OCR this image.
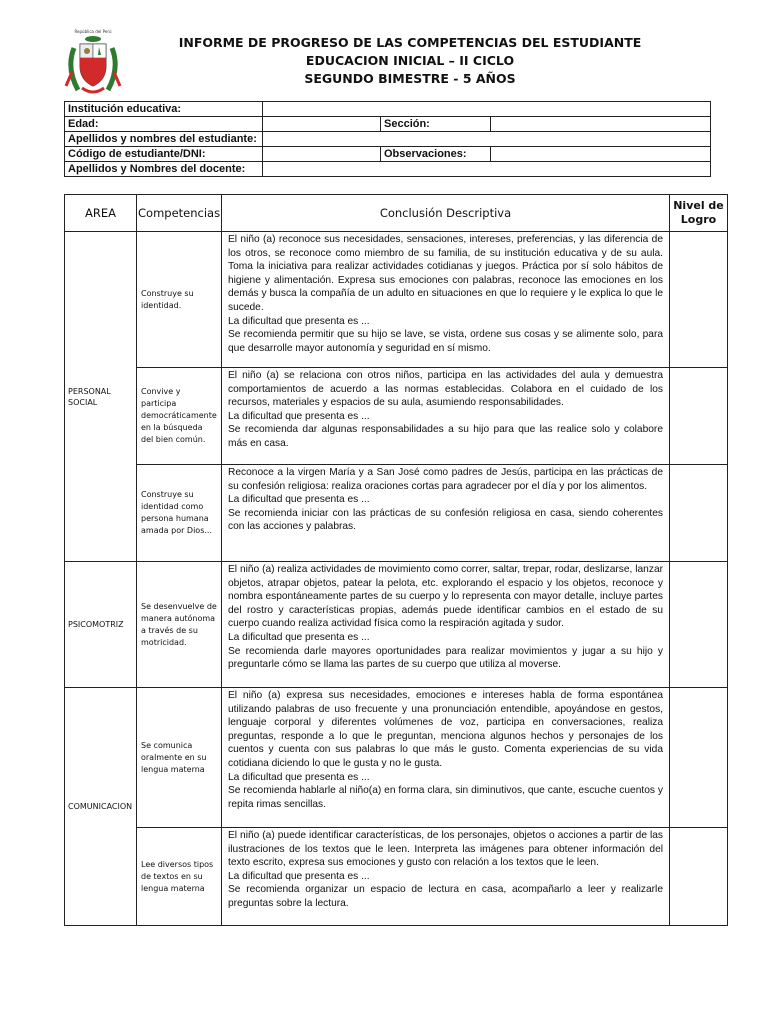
República del Perú
INFORME DE PROGRESO DE LAS COMPETENCIAS DEL ESTUDIANTE
EDUCACION INICIAL – II CICLO
SEGUNDO BIMESTRE - 5 AÑOS
Institución educativa:			
Edad:		Sección:	
Apellidos y nombres del estudiante:			
Código de estudiante/DNI:		Observaciones:	
Apellidos y Nombres del docente:			
AREA	Competencias	Conclusión Descriptiva	Nivel de Logro
PERSONAL SOCIAL	Construye su identidad.	El niño (a) reconoce sus necesidades, sensaciones, intereses, preferencias, y las diferencia de los otros, se reconoce como miembro de su familia, de su institución educativa y de su aula. Toma la iniciativa para realizar actividades cotidianas y juegos. Práctica por sí solo hábitos de higiene y alimentación. Expresa sus emociones con palabras, reconoce las emociones en los demás y busca la compañía de un adulto en situaciones en que lo requiere y le explica lo que le sucede.

La dificultad que presenta es ...

Se recomienda permitir que su hijo se lave, se vista, ordene sus cosas y se alimente solo, para que desarrolle mayor autonomía y seguridad en sí mismo.	

	Convive y participa democráticamente en la búsqueda del bien común.	El niño (a) se relaciona con otros niños, participa en las actividades del aula y demuestra comportamientos de acuerdo a las normas establecidas. Colabora en el cuidado de los recursos, materiales y espacios de su aula, asumiendo responsabilidades.

La dificultad que presenta es ...

Se recomienda dar algunas responsabilidades a su hijo para que las realice solo y colabore más en casa.	

	Construye su identidad como persona humana amada por Dios...	Reconoce a la virgen María y a San José como padres de Jesús, participa en las prácticas de su confesión religiosa: realiza oraciones cortas para agradecer por el día y por los alimentos.

La dificultad que presenta es ...

Se recomienda iniciar con las prácticas de su confesión religiosa en casa, siendo coherentes con las acciones y palabras.	

PSICOMOTRIZ	Se desenvuelve de manera autónoma a través de su motricidad.	El niño (a) realiza actividades de movimiento como correr, saltar, trepar, rodar, deslizarse, lanzar objetos, atrapar objetos, patear la pelota, etc. explorando el espacio y los objetos, reconoce y nombra espontáneamente partes de su cuerpo y lo representa con mayor detalle, incluye partes del rostro y características propias, además puede identificar cambios en el estado de su cuerpo cuando realiza actividad física como la respiración agitada y sudor.

La dificultad que presenta es ...

Se recomienda darle mayores oportunidades para realizar movimientos y jugar a su hijo y preguntarle cómo se llama las partes de su cuerpo que utiliza al moverse.	

COMUNICACION	Se comunica oralmente en su lengua materna	El niño (a) expresa sus necesidades, emociones e intereses habla de forma espontánea utilizando palabras de uso frecuente y una pronunciación entendible, apoyándose en gestos, lenguaje corporal y diferentes volúmenes de voz, participa en conversaciones, realiza preguntas, responde a lo que le preguntan, menciona algunos hechos y personajes de los cuentos y cuenta con sus palabras lo que más le gusto. Comenta experiencias de su vida cotidiana diciendo lo que le gusta y no le gusta.

La dificultad que presenta es ...

Se recomienda hablarle al niño(a) en forma clara, sin diminutivos, que cante, escuche cuentos y repita rimas sencillas.	

	Lee diversos tipos de textos en su lengua materna	El niño (a) puede identificar características, de los personajes, objetos o acciones a partir de las ilustraciones de los textos que le leen. Interpreta las imágenes para obtener información del texto escrito, expresa sus emociones y gusto con relación a los textos que le leen.

La dificultad que presenta es ...

Se recomienda organizar un espacio de lectura en casa, acompañarlo a leer y realizarle preguntas sobre la lectura.	
